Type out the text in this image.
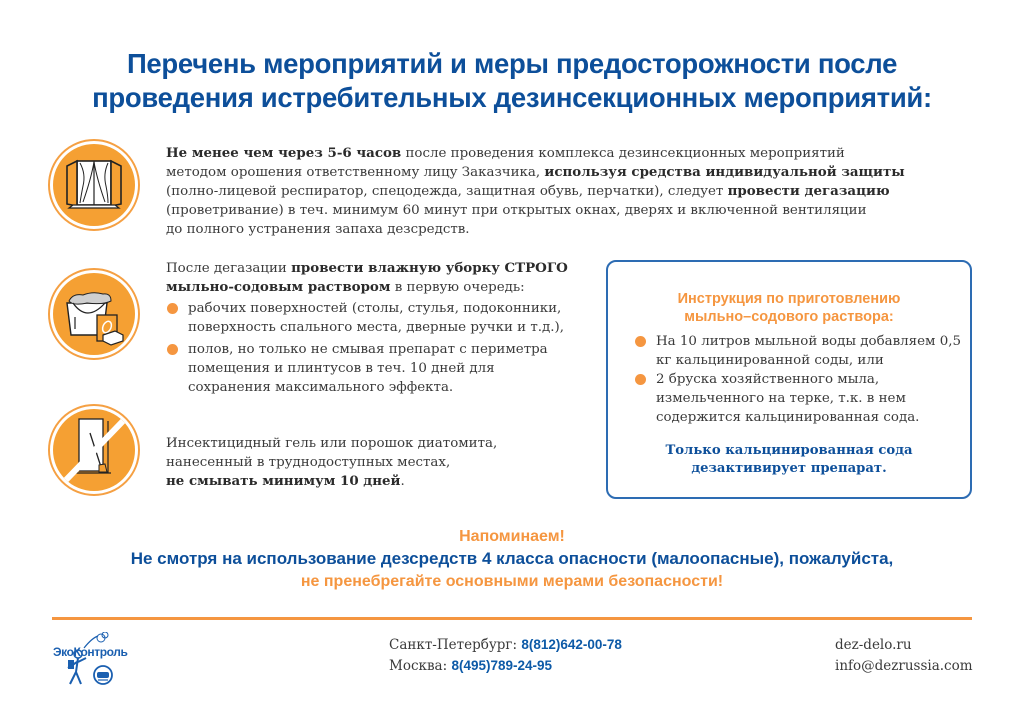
Перечень мероприятий и меры предосторожности после
проведения истребительных дезинсекционных мероприятий:
Не менее чем через 5-6 часов после проведения комплекса дезинсекционных мероприятий
методом орошения ответственному лицу Заказчика, используя средства индивидуальной защиты
(полно-лицевой респиратор, спецодежда, защитная обувь, перчатки), следует провести дегазацию
(проветривание) в теч. минимум 60 минут при открытых окнах, дверях и включенной вентиляции
до полного устранения запаха дезсредств.
После дегазации провести влажную уборку СТРОГО
мыльно-содовым раствором в первую очередь:
рабочих поверхностей (столы, стулья, подоконники, поверхность спального места, дверные ручки и т.д.),
полов, но только не смывая препарат с периметра помещения и плинтусов в теч. 10 дней для сохранения максимального эффекта.
Инсектицидный гель или порошок диатомита,
нанесенный в труднодоступных местах,
не смывать минимум 10 дней.
Инструкция по приготовлению
мыльно–содового раствора:
На 10 литров мыльной воды добавляем 0,5 кг кальцинированной соды, или
2 бруска хозяйственного мыла, измельченного на терке, т.к. в нем содержится кальцинированная сода.
Только кальцинированная сода
дезактивирует препарат.
Напоминаем!
Не смотря на использование дезсредств 4 класса опасности (малоопасные), пожалуйста,
не пренебрегайте основными мерами безопасности!
ЭкоКонтроль	Санкт-Петербург: 8(812)642-00-78
Москва: 8(495)789-24-95
dez-delo.ru
info@dezrussia.com
